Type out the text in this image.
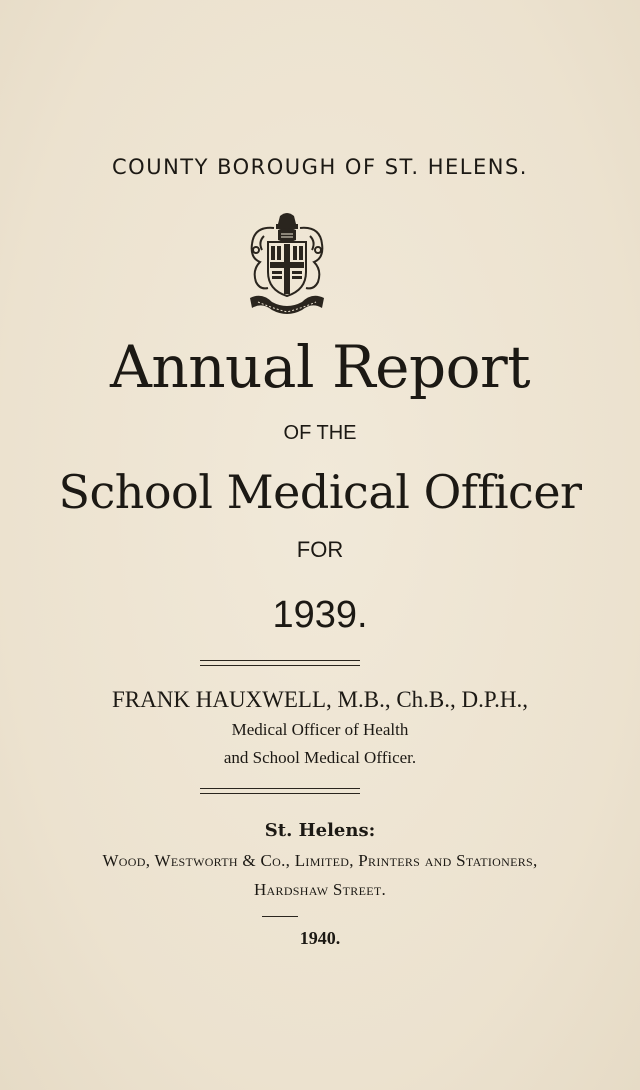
COUNTY BOROUGH OF ST. HELENS.
Annual Report
OF THE
School Medical Officer
FOR
1939.
FRANK HAUXWELL, M.B., Ch.B., D.P.H.,
Medical Officer of Health
and School Medical Officer.
St. Helens:
Wood, Westworth & Co., Limited, Printers and Stationers,
Hardshaw Street.
1940.
